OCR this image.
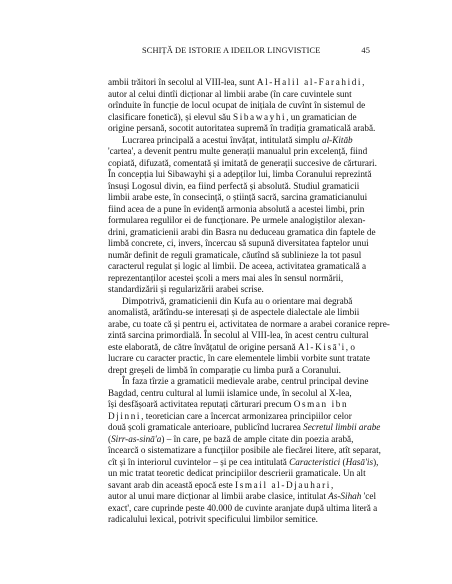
SCHIȚĂ DE ISTORIE A IDEILOR LINGVISTICE	45
ambii trăitori în secolul al VIII-lea, sunt Al-Halil al-Farahidi,
autor al celui dintîi dicționar al limbii arabe (în care cuvintele sunt
orînduite în funcție de locul ocupat de inițiala de cuvînt în sistemul de
clasificare fonetică), și elevul său Sibawayhi, un gramatician de
origine persană, socotit autoritatea supremă în tradiția gramaticală arabă.
Lucrarea principală a acestui învățat, intitulată simplu al-Kitāb
'cartea', a devenit pentru multe generații manualul prin excelență, fiind
copiată, difuzată, comentată și imitată de generații succesive de cărturari.
În concepția lui Sibawayhi și a adepților lui, limba Coranului reprezintă
însuși Logosul divin, ea fiind perfectă și absolută. Studiul gramaticii
limbii arabe este, în consecință, o știință sacră, sarcina gramaticianului
fiind acea de a pune în evidență armonia absolută a acestei limbi, prin
formularea regulilor ei de funcționare. Pe urmele analogiștilor alexan-
drini, gramaticienii arabi din Basra nu deduceau gramatica din faptele de
limbă concrete, ci, invers, încercau să supună diversitatea faptelor unui
număr definit de reguli gramaticale, căutînd să sublinieze la tot pasul
caracterul regulat și logic al limbii. De aceea, activitatea gramaticală a
reprezentanților acestei școli a mers mai ales în sensul normării,
standardizării și regularizării arabei scrise.
Dimpotrivă, gramaticienii din Kufa au o orientare mai degrabă
anomalistă, arătîndu-se interesați și de aspectele dialectale ale limbii
arabe, cu toate că și pentru ei, activitatea de normare a arabei coranice repre-
zintă sarcina primordială. În secolul al VIII-lea, în acest centru cultural
este elaborată, de către învățatul de origine persană Al-Kisā'i, o
lucrare cu caracter practic, în care elementele limbii vorbite sunt tratate
drept greșeli de limbă în comparație cu limba pură a Coranului.
În faza tîrzie a gramaticii medievale arabe, centrul principal devine
Bagdad, centru cultural al lumii islamice unde, în secolul al X-lea,
își desfășoară activitatea reputați cărturari precum Osman ibn
Djinni, teoretician care a încercat armonizarea principiilor celor
două școli gramaticale anterioare, publicînd lucrarea Secretul limbii arabe
(Sirr-as-sinā'a) – în care, pe bază de ample citate din poezia arabă,
încearcă o sistematizare a funcțiilor posibile ale fiecărei litere, atît separat,
cît și în interiorul cuvintelor – și pe cea intitulată Caracteristici (Hasā'is),
un mic tratat teoretic dedicat principiilor descrierii gramaticale. Un alt
savant arab din această epocă este Ismail al-Djauhari,
autor al unui mare dicționar al limbii arabe clasice, intitulat As-Sihah 'cel
exact', care cuprinde peste 40.000 de cuvinte aranjate după ultima literă a
radicalului lexical, potrivit specificului limbilor semitice.
